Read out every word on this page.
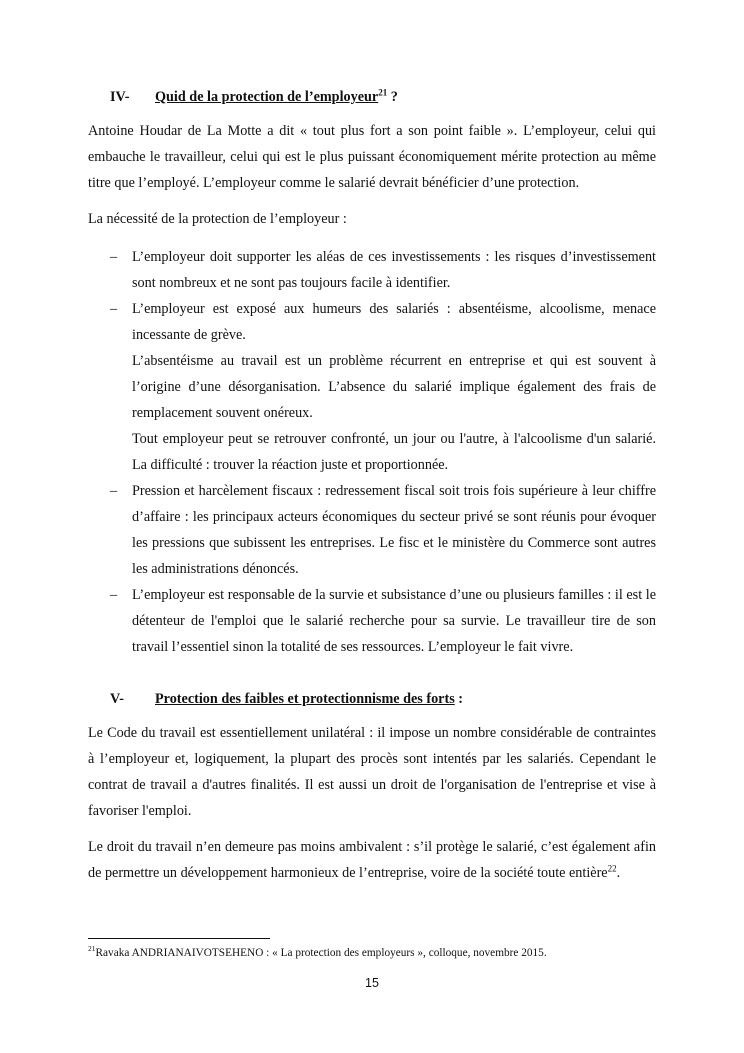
IV-	Quid de la protection de l’employeur$^{21}$ ?

Antoine Houdar de La Motte a dit « tout plus fort a son point faible ». L’employeur, celui qui embauche le travailleur, celui qui est le plus puissant économiquement mérite protection au même titre que l’employé. L’employeur comme le salarié devrait bénéficier d’une protection.

La nécessité de la protection de l’employeur :

– L’employeur doit supporter les aléas de ces investissements : les risques d’investissement sont nombreux et ne sont pas toujours facile à identifier.
– L’employeur est exposé aux humeurs des salariés : absentéisme, alcoolisme, menace incessante de grève.
L’absentéisme au travail est un problème récurrent en entreprise et qui est souvent à l’origine d’une désorganisation. L’absence du salarié implique également des frais de remplacement souvent onéreux.
Tout employeur peut se retrouver confronté, un jour ou l'autre, à l'alcoolisme d'un salarié. La difficulté : trouver la réaction juste et proportionnée.
– Pression et harcèlement fiscaux : redressement fiscal soit trois fois supérieure à leur chiffre d’affaire : les principaux acteurs économiques du secteur privé se sont réunis pour évoquer les pressions que subissent les entreprises. Le fisc et le ministère du Commerce sont autres les administrations dénoncés.
– L’employeur est responsable de la survie et subsistance d’une ou plusieurs familles : il est le détenteur de l'emploi que le salarié recherche pour sa survie. Le travailleur tire de son travail l’essentiel sinon la totalité de ses ressources. L’employeur le fait vivre.
V-	Protection des faibles et protectionnisme des forts :

Le Code du travail est essentiellement unilatéral : il impose un nombre considérable de contraintes à l’employeur et, logiquement, la plupart des procès sont intentés par les salariés. Cependant le contrat de travail a d'autres finalités. Il est aussi un droit de l'organisation de l'entreprise et vise à favoriser l'emploi.

Le droit du travail n’en demeure pas moins ambivalent : s’il protège le salarié, c’est également afin de permettre un développement harmonieux de l’entreprise, voire de la société toute entière$^{22}$.

$^{21}$Ravaka ANDRIANAIVOTSEHENO : « La protection des employeurs », colloque, novembre 2015.
15
